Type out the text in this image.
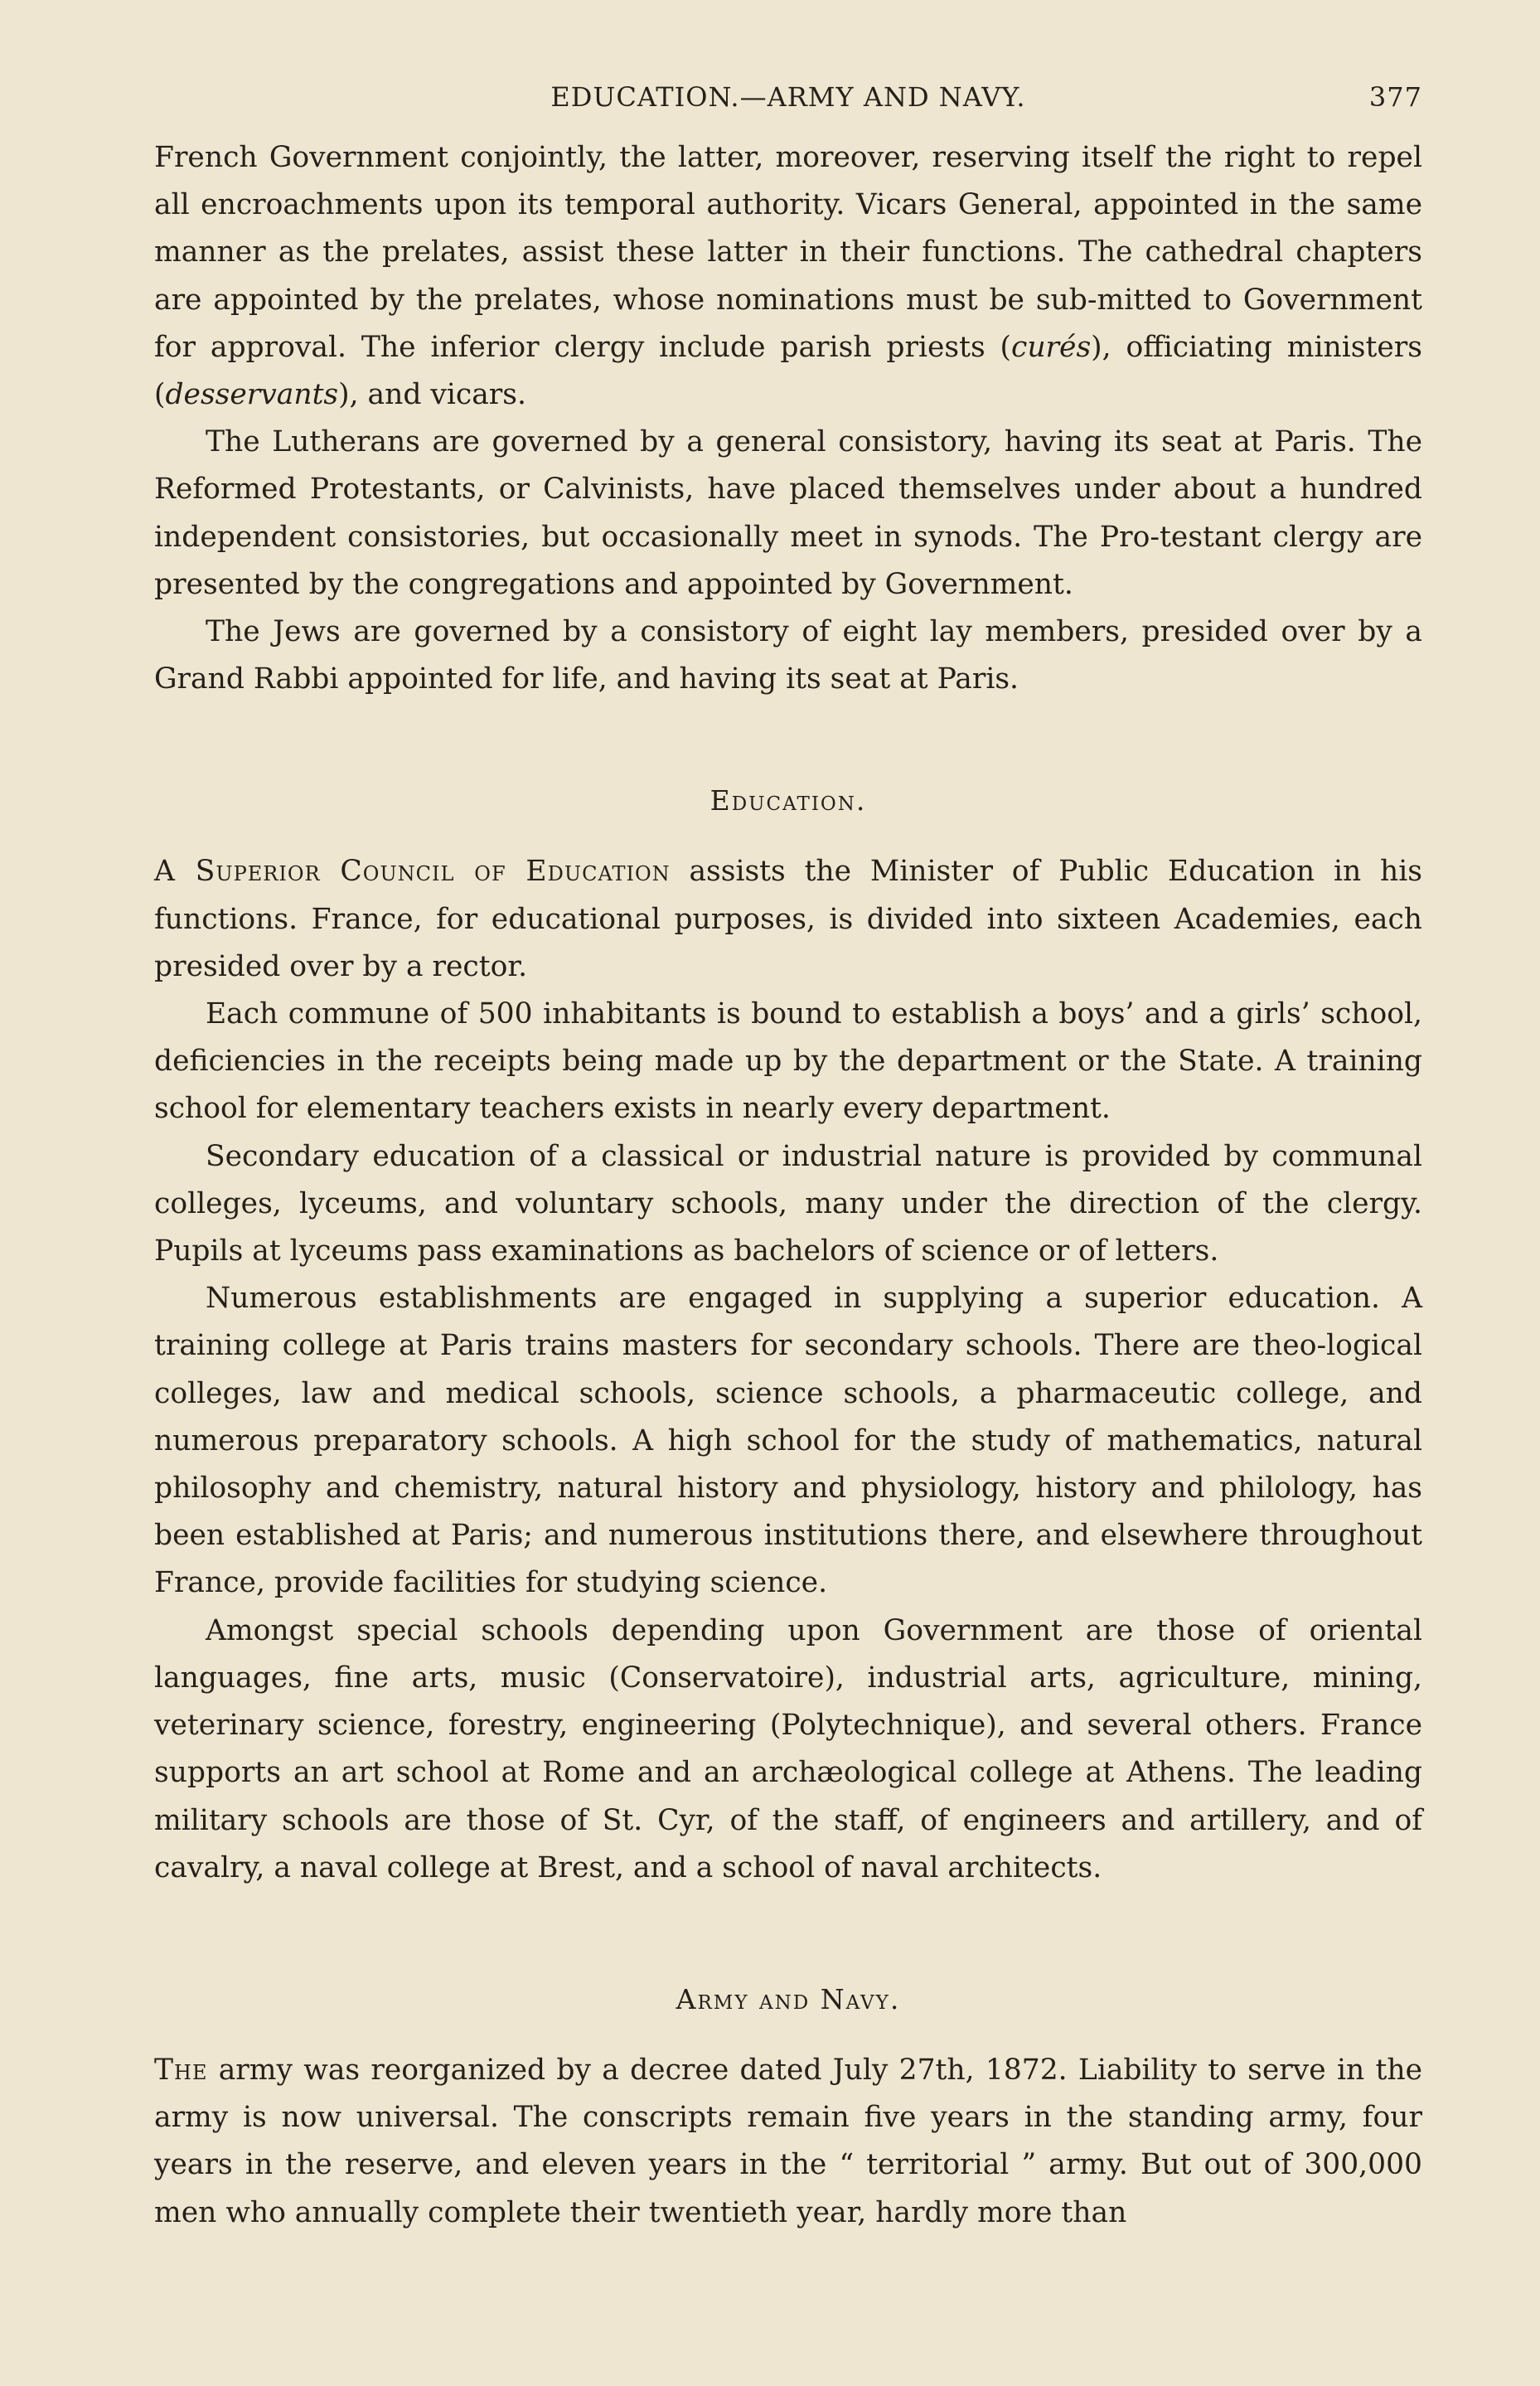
EDUCATION.—ARMY AND NAVY.	377

French Government conjointly, the latter, moreover, reserving itself the right to repel all encroachments upon its temporal authority. Vicars General, appointed in the same manner as the prelates, assist these latter in their functions. The cathedral chapters are appointed by the prelates, whose nominations must be sub-mitted to Government for approval. The inferior clergy include parish priests (curés), officiating ministers (desservants), and vicars.

The Lutherans are governed by a general consistory, having its seat at Paris. The Reformed Protestants, or Calvinists, have placed themselves under about a hundred independent consistories, but occasionally meet in synods. The Pro-testant clergy are presented by the congregations and appointed by Government.

The Jews are governed by a consistory of eight lay members, presided over by a Grand Rabbi appointed for life, and having its seat at Paris.

Education.

A Superior Council of Education assists the Minister of Public Education in his functions. France, for educational purposes, is divided into sixteen Academies, each presided over by a rector.

Each commune of 500 inhabitants is bound to establish a boys’ and a girls’ school, deficiencies in the receipts being made up by the department or the State. A training school for elementary teachers exists in nearly every department.

Secondary education of a classical or industrial nature is provided by communal colleges, lyceums, and voluntary schools, many under the direction of the clergy. Pupils at lyceums pass examinations as bachelors of science or of letters.

Numerous establishments are engaged in supplying a superior education. A training college at Paris trains masters for secondary schools. There are theo-logical colleges, law and medical schools, science schools, a pharmaceutic college, and numerous preparatory schools. A high school for the study of mathematics, natural philosophy and chemistry, natural history and physiology, history and philology, has been established at Paris; and numerous institutions there, and elsewhere throughout France, provide facilities for studying science.

Amongst special schools depending upon Government are those of oriental languages, fine arts, music (Conservatoire), industrial arts, agriculture, mining, veterinary science, forestry, engineering (Polytechnique), and several others. France supports an art school at Rome and an archæological college at Athens. The leading military schools are those of St. Cyr, of the staff, of engineers and artillery, and of cavalry, a naval college at Brest, and a school of naval architects.

Army and Navy.

The army was reorganized by a decree dated July 27th, 1872. Liability to serve in the army is now universal. The conscripts remain five years in the standing army, four years in the reserve, and eleven years in the “ territorial ” army. But out of 300,000 men who annually complete their twentieth year, hardly more than
